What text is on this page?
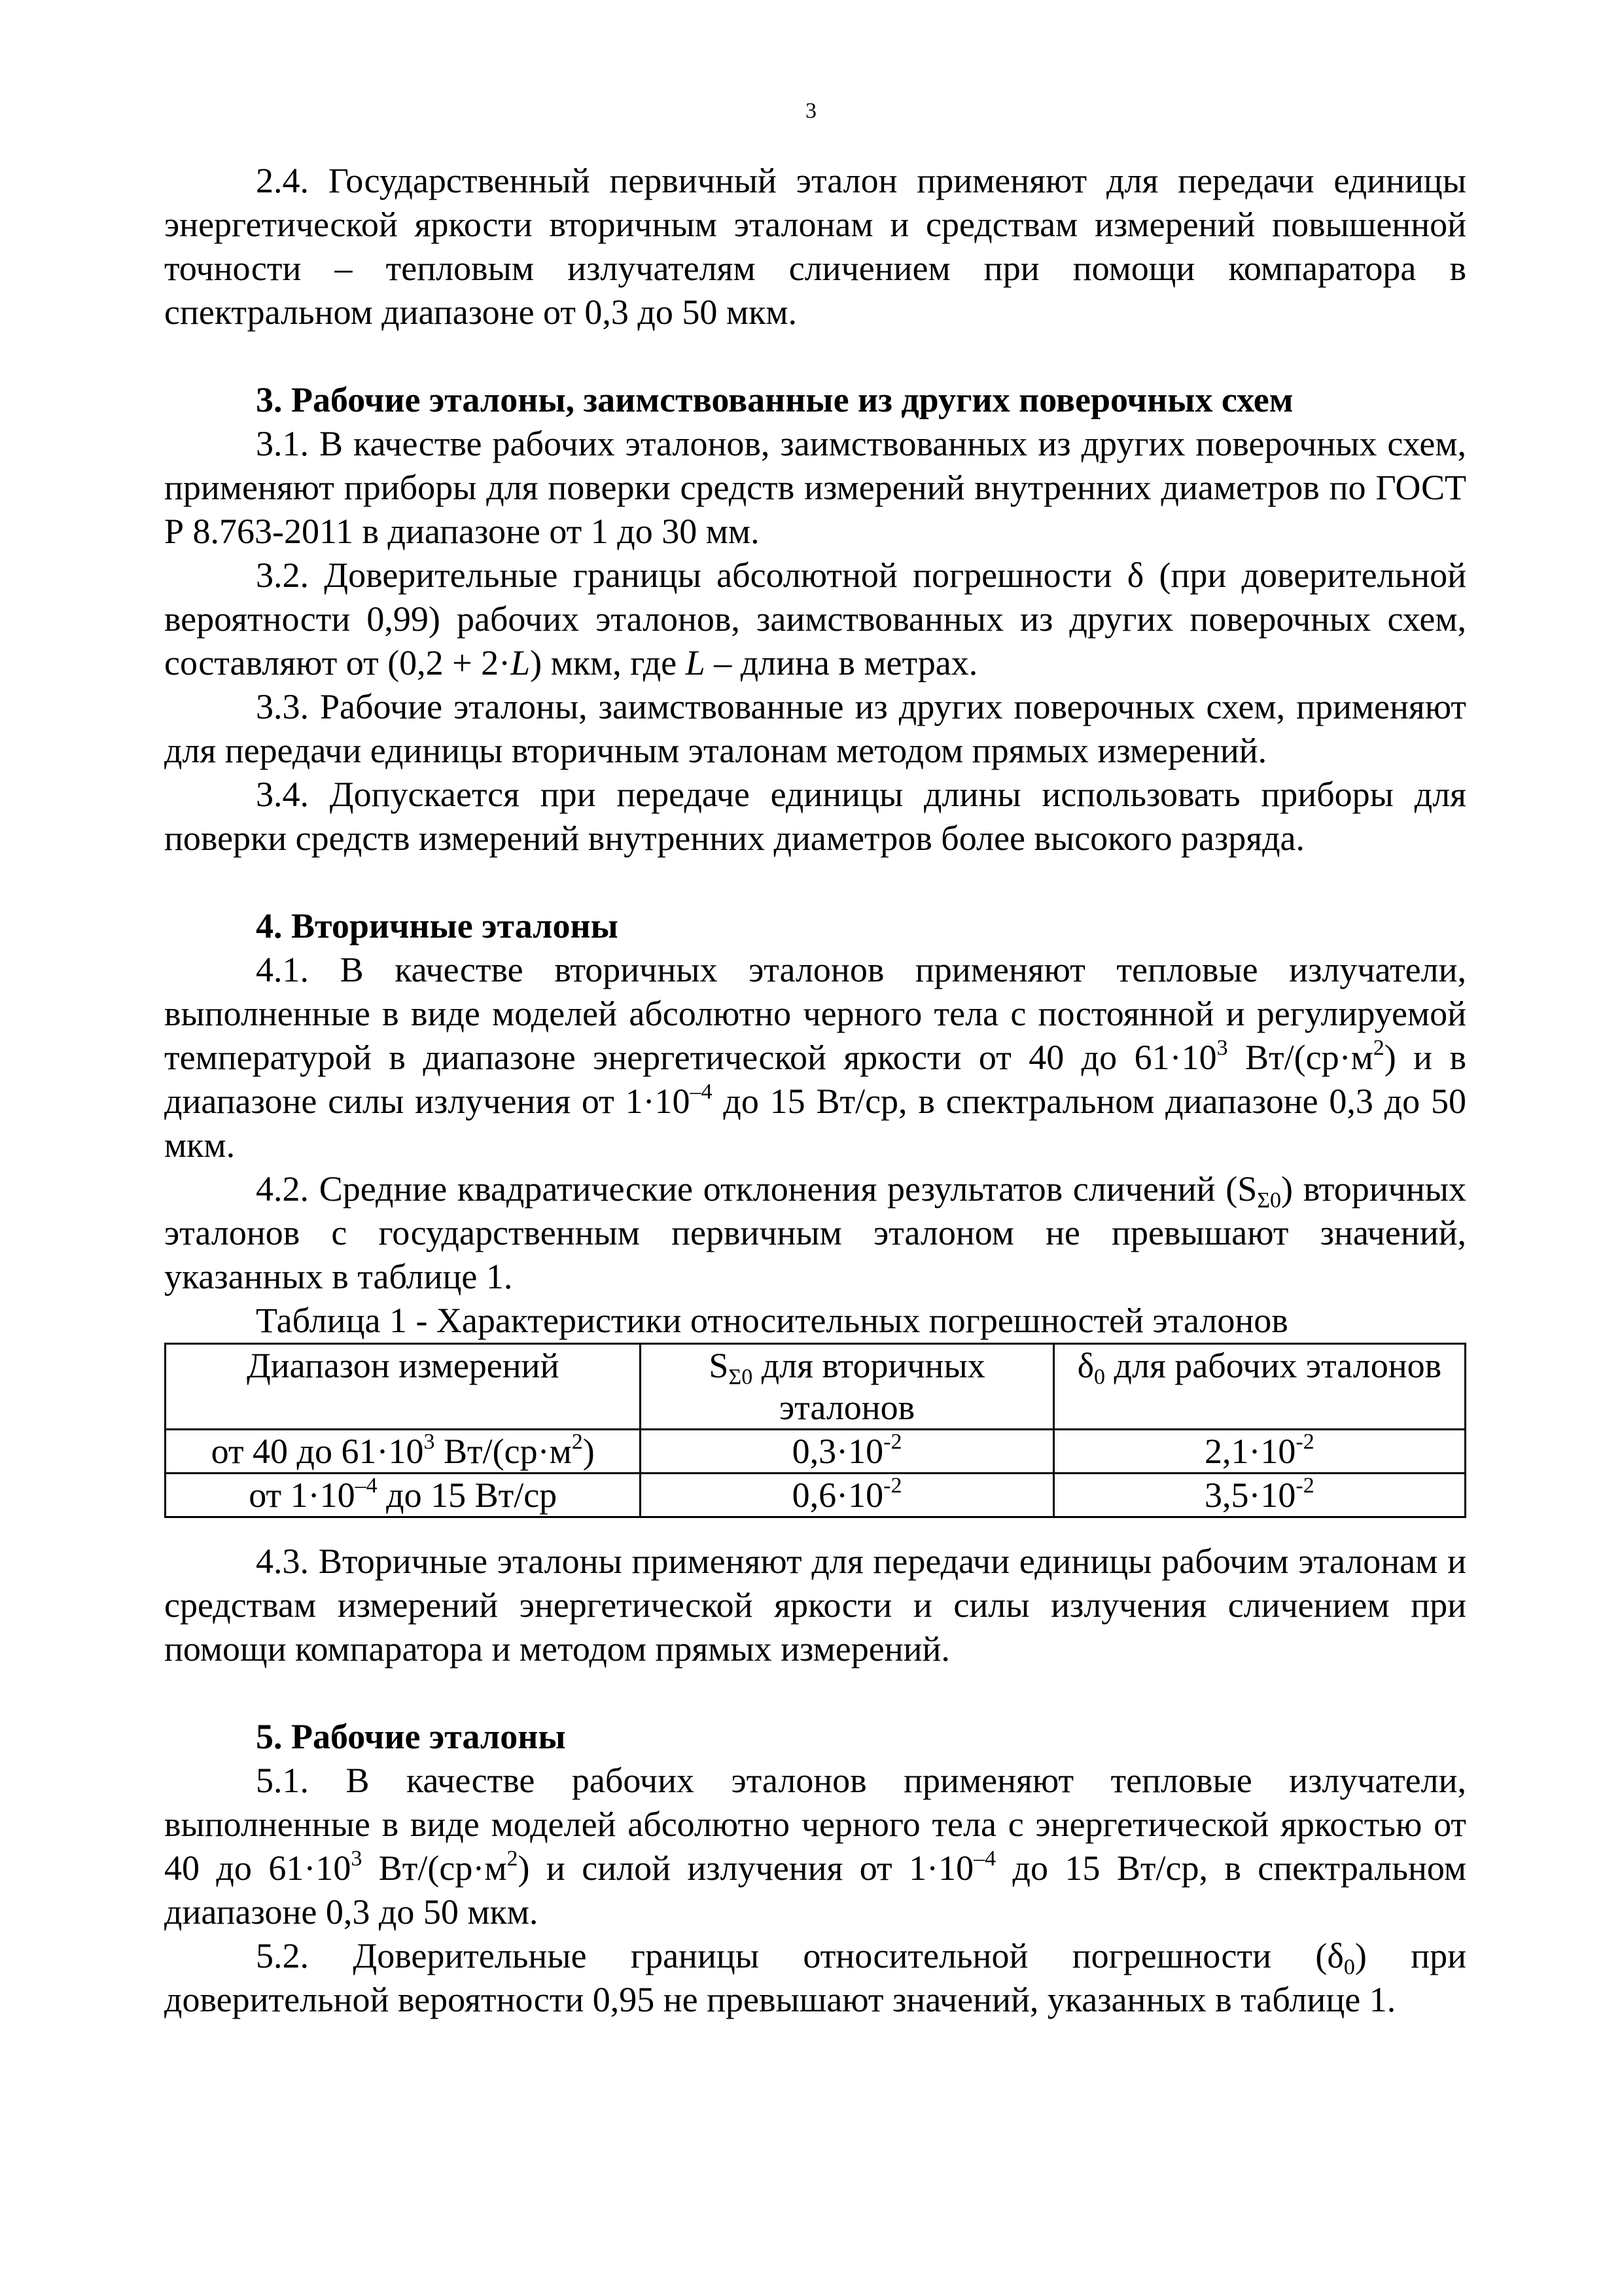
3

2.4. Государственный первичный эталон применяют для передачи единицы энергетической яркости вторичным эталонам и средствам измерений повышенной точности – тепловым излучателям сличением при помощи компаратора в спектральном диапазоне от 0,3 до 50 мкм.

3. Рабочие эталоны, заимствованные из других поверочных схем

3.1. В качестве рабочих эталонов, заимствованных из других поверочных схем, применяют приборы для поверки средств измерений внутренних диаметров по ГОСТ Р 8.763-2011 в диапазоне от 1 до 30 мм.

3.2. Доверительные границы абсолютной погрешности δ (при доверительной вероятности 0,99) рабочих эталонов, заимствованных из других поверочных схем, составляют от (0,2 + 2·L) мкм, где L – длина в метрах.

3.3. Рабочие эталоны, заимствованные из других поверочных схем, применяют для передачи единицы вторичным эталонам методом прямых измерений.

3.4. Допускается при передаче единицы длины использовать приборы для поверки средств измерений внутренних диаметров более высокого разряда.

4. Вторичные эталоны

4.1. В качестве вторичных эталонов применяют тепловые излучатели, выполненные в виде моделей абсолютно черного тела с постоянной и регулируемой температурой в диапазоне энергетической яркости от 40 до $61\cdot 10^3$ $Вт/(ср\cdot м^2)$ и в диапазоне силы излучения от $1\cdot 10^{-4}$ до 15 Вт/ср, в спектральном диапазоне 0,3 до 50 мкм.

4.2. Средние квадратические отклонения результатов сличений $(S_{\Sigma 0})$ вторичных эталонов с государственным первичным эталоном не превышают значений, указанных в таблице 1.

Таблица 1 - Характеристики относительных погрешностей эталонов

Диапазон измерений	$S_{\Sigma 0}$ для вторичных эталонов	$\delta_0$ для рабочих эталонов
от 40 до $61\cdot 10^3$ $Вт/(ср\cdot м^2)$	$0,3\cdot 10^{-2}$	$2,1\cdot 10^{-2}$
от $1\cdot 10^{-4}$ до 15 Вт/ср	$0,6\cdot 10^{-2}$	$3,5\cdot 10^{-2}$

4.3. Вторичные эталоны применяют для передачи единицы рабочим эталонам и средствам измерений энергетической яркости и силы излучения сличением при помощи компаратора и методом прямых измерений.

5. Рабочие эталоны

5.1. В качестве рабочих эталонов применяют тепловые излучатели, выполненные в виде моделей абсолютно черного тела с энергетической яркостью от 40 до $61\cdot 10^3$ $Вт/(ср\cdot м^2)$ и силой излучения от $1\cdot 10^{-4}$ до 15 Вт/ср, в спектральном диапазоне 0,3 до 50 мкм.

5.2. Доверительные границы относительной погрешности $(\delta_0)$ при доверительной вероятности 0,95 не превышают значений, указанных в таблице 1.
